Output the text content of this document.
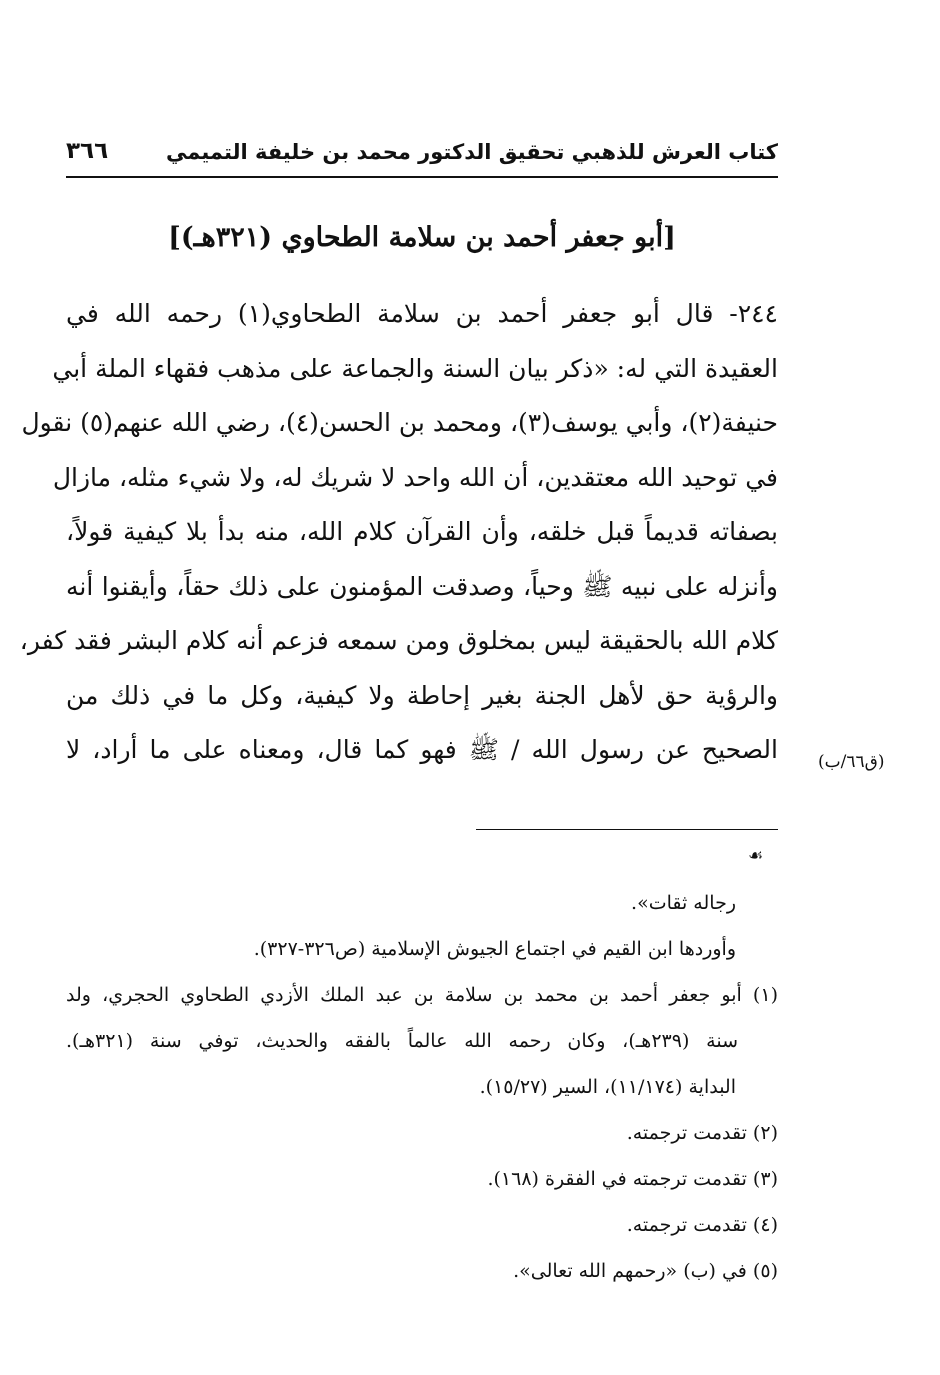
كتاب العرش للذهبي تحقيق الدكتور محمد بن خليفة التميمي
٣٦٦
[أبو جعفر أحمد بن سلامة الطحاوي (٣٢١هـ)]
٢٤٤- قال أبو جعفر أحمد بن سلامة الطحاوي(١) رحمه الله في
العقيدة التي له: «ذكر بيان السنة والجماعة على مذهب فقهاء الملة أبي
حنيفة(٢)، وأبي يوسف(٣)، ومحمد بن الحسن(٤)، رضي الله عنهم(٥) نقول
في توحيد الله معتقدين، أن الله واحد لا شريك له، ولا شيء مثله، مازال
بصفاته قديماً قبل خلقه، وأن القرآن كلام الله، منه بدأ بلا كيفية قولاً،
وأنزله على نبيه ﷺ وحياً، وصدقت المؤمنون على ذلك حقاً، وأيقنوا أنه
كلام الله بالحقيقة ليس بمخلوق ومن سمعه فزعم أنه كلام البشر فقد كفر،
والرؤية حق لأهل الجنة بغير إحاطة ولا كيفية، وكل ما في ذلك من
الصحيح عن رسول الله / ﷺ فهو كما قال، ومعناه على ما أراد، لا (ق٦٦/ب)
☙
رجاله ثقات».
وأوردها ابن القيم في اجتماع الجيوش الإسلامية (ص٣٢٦-٣٢٧).
(١) أبو جعفر أحمد بن محمد بن سلامة بن عبد الملك الأزدي الطحاوي الحجري، ولد
سنة (٢٣٩هـ)، وكان رحمه الله عالماً بالفقه والحديث، توفي سنة (٣٢١هـ).
البداية (١١/١٧٤)، السير (١٥/٢٧).
(٢) تقدمت ترجمته.
(٣) تقدمت ترجمته في الفقرة (١٦٨).
(٤) تقدمت ترجمته.
(٥) في (ب) «رحمهم الله تعالى».
